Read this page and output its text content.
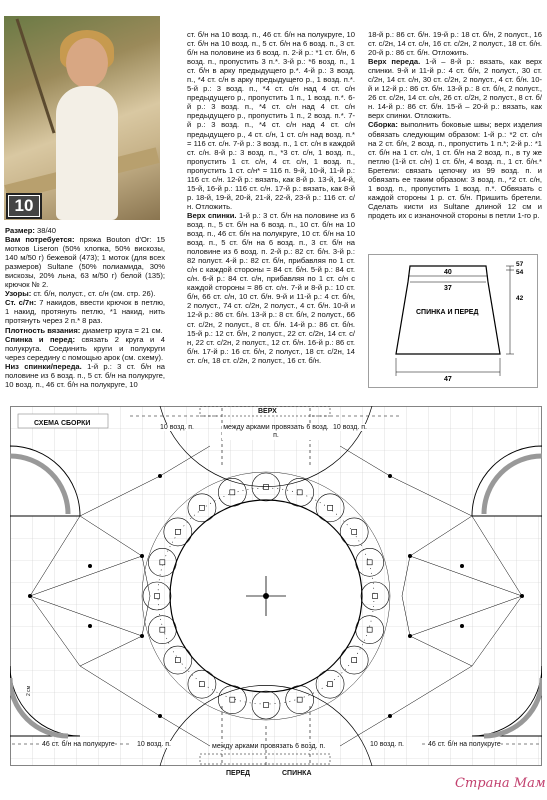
10

Размер: 38/40

Вам потребуется: пряжа Bouton d'Or: 15 мотков Liseron (50% хлопка, 50% вискозы, 140 м/50 г) бежевой (473); 1 моток (для всех размеров) Sultane (50% полиамида, 30% вискозы, 20% льна, 63 м/50 г) белой (135); крючок № 2.

Узоры: ст. б/н, полуст., ст. с/н (см. стр. 26).

Ст. с/7н: 7 накидов, ввести крючок в петлю, 1 накид, протянуть петлю, *1 накид, нить протянуть через 2 п.* 8 раз.

Плотность вязания: диаметр круга = 21 см.

Спинка и перед: связать 2 круга и 4 полукруга. Соединить круги и полукруги через середину с помощью арок (см. схему).

Низ спинки/переда. 1-й р.: 3 ст. б/н на половине из 6 возд. п., 5 ст. б/н на полукруге, 10 возд. п., 46 ст. б/н на полукруге, 10

ст. б/н на 10 возд. п., 46 ст. б/н на полукруге, 10 ст. б/н на 10 возд. п., 5 ст. б/н на 6 возд. п., 3 ст. б/н на половине из 6 возд. п. 2-й р.: *1 ст. б/н, 6 возд. п., пропустить 3 п.*. 3-й р.: *6 возд. п., 1 ст. б/н в арку предыдущего р.*. 4-й р.: 3 возд. п., *4 ст. с/н в арку предыдущего р., 1 возд. п.*. 5-й р.: 3 возд. п., *4 ст. с/н над 4 ст. с/н предыдущего р., пропустить 1 п., 1 возд. п.*. 6-й р.: 3 возд. п., *4 ст. с/н над 4 ст. с/н предыдущего р., пропустить 1 п., 2 возд. п.*. 7-й р.: 3 возд. п., *4 ст. с/н над 4 ст. с/н предыдущего р., 4 ст. с/н, 1 ст. с/н над возд. п.* = 116 ст. с/н. 7-й р.: 3 возд. п., 1 ст. с/н в каждой ст. с/н. 8-й р.: 3 возд. п., *3 ст. с/н, 1 возд. п., пропустить 1 ст. с/н, 4 ст. с/н, 1 возд. п., пропустить 1 ст. с/н* = 116 п. 9-й, 10-й, 11-й р.: 116 ст. с/н. 12-й р.: вязать, как 8-й р. 13-й, 14-й, 15-й, 16-й р.: 116 ст. с/н. 17-й р.: вязать, как 8-й р. 18-й, 19-й, 20-й, 21-й, 22-й, 23-й р.: 116 ст. с/н. Отложить.

Верх спинки. 1-й р.: 3 ст. б/н на половине из 6 возд. п., 5 ст. б/н на 6 возд. п., 10 ст. б/н на 10 возд. п., 46 ст. б/н на полукруге, 10 ст. б/н на 10 возд. п., 5 ст. б/н на 6 возд. п., 3 ст. б/н на половине из 6 возд. п. 2-й р.: 82 ст. б/н. 3-й р.: 82 полуст. 4-й р.: 82 ст. б/н, прибавляя по 1 ст. с/н с каждой стороны = 84 ст. б/н. 5-й р.: 84 ст. с/н. 6-й р.: 84 ст. с/н, прибавляя по 1 ст. с/н с каждой стороны = 86 ст. с/н. 7-й и 8-й р.: 10 ст. б/н, 66 ст. с/н, 10 ст. б/н. 9-й и 11-й р.: 4 ст. б/н, 2 полуст., 74 ст. с/2н, 2 полуст., 4 ст. б/н. 10-й и 12-й р.: 86 ст. б/н. 13-й р.: 8 ст. б/н, 2 полуст., 66 ст. с/2н, 2 полуст., 8 ст. б/н. 14-й р.: 86 ст. б/н. 15-й р.: 12 ст. б/н, 2 полуст., 22 ст. с/2н, 14 ст. с/н, 22 ст. с/2н, 2 полуст., 12 ст. б/н. 16-й р.: 86 ст. б/н. 17-й р.: 16 ст. б/н, 2 полуст., 18 ст. с/2н, 14 ст. с/н, 18 ст. с/2н, 2 полуст., 16 ст. б/н.

18-й р.: 86 ст. б/н. 19-й р.: 18 ст. б/н, 2 полуст., 16 ст. с/2н, 14 ст. с/н, 16 ст. с/2н, 2 полуст., 18 ст. б/н. 20-й р.: 86 ст. б/н. Отложить.

Верх переда. 1-й – 8-й р.: вязать, как верх спинки. 9-й и 11-й р.: 4 ст. б/н, 2 полуст., 30 ст. с/2н, 14 ст. с/н, 30 ст. с/2н, 2 полуст., 4 ст. б/н. 10-й и 12-й р.: 86 ст. б/н. 13-й р.: 8 ст. б/н, 2 полуст., 26 ст. с/2н, 14 ст. с/н, 26 ст. с/2н, 2 полуст., 8 ст. б/н. 14-й р.: 86 ст. б/н. 15-й – 20-й р.: вязать, как верх спинки. Отложить.

Сборка: выполнить боковые швы; верх изделия обвязать следующим образом: 1-й р.: *2 ст. с/н на 2 ст. б/н, 2 возд. п., пропустить 1 п.*; 2-й р.: *1 ст. б/н на 1 ст. с/н, 1 ст. б/н на 2 возд. п., в ту же петлю (1-й ст. с/н) 1 ст. б/н, 4 возд. п., 1 ст. б/н.* Бретели: связать цепочку из 99 возд. п. и обвязать ее таким образом: 3 возд. п., *2 ст. с/н, 1 возд. п., пропустить 1 возд. п.*. Обвязать с каждой стороны 1 р. ст. б/н. Пришить бретели. Сделать кисти из Sultane длиной 12 см и продеть их с изнаночной стороны в петли 1-го р.

40
37
57
54
42
47
СПИНКА И ПЕРЕД
СХЕМА СБОРКИ
ВЕРХ
между арками провязать 6 возд. п.
10 возд. п.	10 возд. п.
46 ст. б/н на полукруге	46 ст. б/н на полукруге
10 возд. п.	10 возд. п.
между арками провязать 6 возд. п.
ПЕРЕД	СПИНКА
2 см
Страна Мам
